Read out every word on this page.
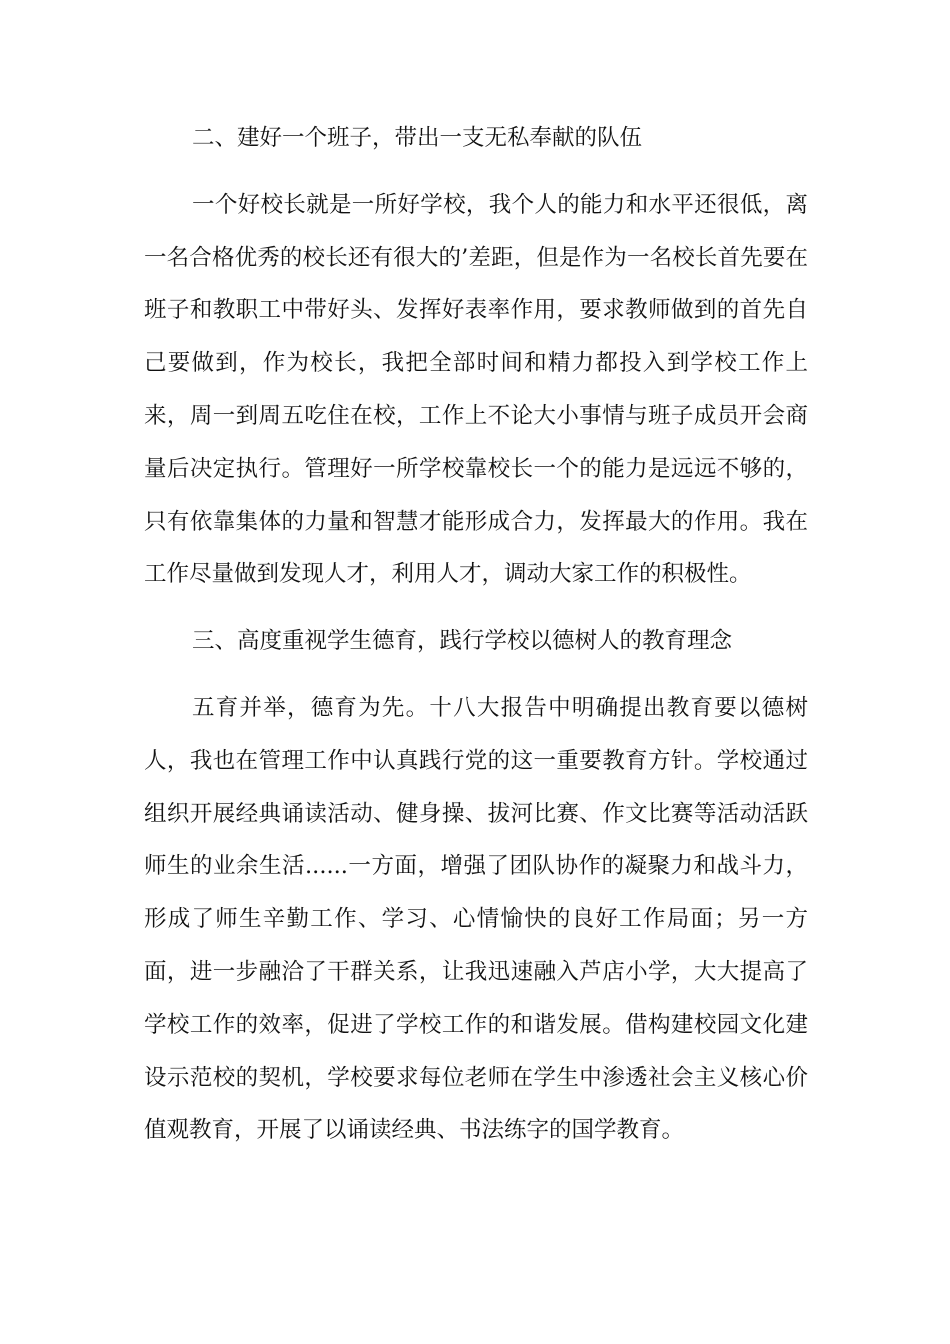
二、建好一个班子，带出一支无私奉献的队伍

一个好校长就是一所好学校，我个人的能力和水平还很低，离一名合格优秀的校长还有很大的’差距，但是作为一名校长首先要在班子和教职工中带好头、发挥好表率作用，要求教师做到的首先自己要做到，作为校长，我把全部时间和精力都投入到学校工作上来，周一到周五吃住在校，工作上不论大小事情与班子成员开会商量后决定执行。管理好一所学校靠校长一个的能力是远远不够的，只有依靠集体的力量和智慧才能形成合力，发挥最大的作用。我在工作尽量做到发现人才，利用人才，调动大家工作的积极性。

三、高度重视学生德育，践行学校以德树人的教育理念

五育并举，德育为先。十八大报告中明确提出教育要以德树人，我也在管理工作中认真践行党的这一重要教育方针。学校通过组织开展经典诵读活动、健身操、拔河比赛、作文比赛等活动活跃师生的业余生活......一方面，增强了团队协作的凝聚力和战斗力，形成了师生辛勤工作、学习、心情愉快的良好工作局面；另一方面，进一步融洽了干群关系，让我迅速融入芦店小学，大大提高了学校工作的效率，促进了学校工作的和谐发展。借构建校园文化建设示范校的契机，学校要求每位老师在学生中渗透社会主义核心价值观教育，开展了以诵读经典、书法练字的国学教育。
